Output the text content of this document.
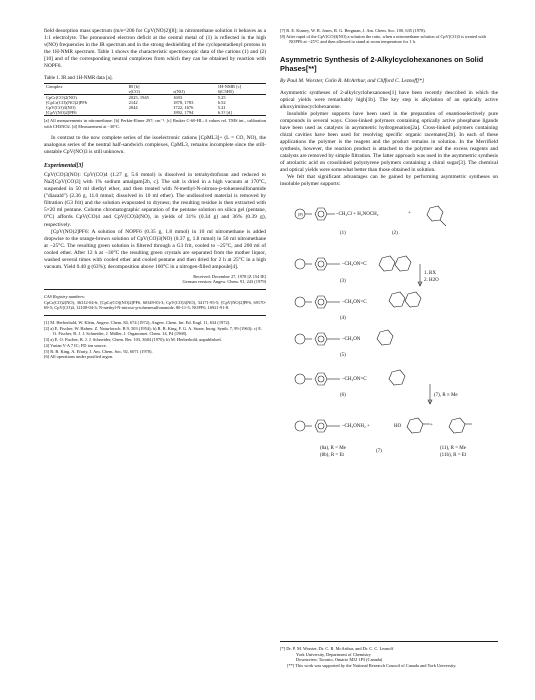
field desorption mass spectrum (m/e=206 for CpV(NO)2)[8]; in nitromethane solution it behaves as a 1:1 electrolyte. The pronounced electron deficit at the central metal of (1) is reflected in the high ν(NO) frequencies in the IR spectrum and in the strong deshielding of the cyclopentadienyl protons in the 1H-NMR spectrum. Table 1 shows the characteristic spectroscopic data of the cations (1) and (2)[10] and of the corresponding neutral complexes from which they can be obtained by reaction with NOPF6.

Table 1. IR and 1H-NMR data [a].
Complex	IR [b]		1H-NMR [c]
	ν(CO)	ν(NO)	δ(C5H5)
CpCr(CO)2(NO)	2025, 1945	1693	5.25
[CpCr(CO)(NO)2]PF6	2142	1878, 1783	6.52
CpV(CO)3(NO)	2044	1722, 1676	5.21
[CpV(NO)2]PF6		1892, 1794	6.3? [d]

[a] All measurements in nitromethane. [b] Perkin-Elmer 297; cm⁻¹. [c] Bruker C-60-HL; δ values rel. TMS int., calibration with CH3NO2. [d] Measurement at −30°C.

In contrast to the now complete series of the isoelectronic cations [CpML3]+ (L = CO, NO), the analogous series of the neutral half-sandwich complexes, CpML3, remains incomplete since the still-unstable CpV(NO)3 is still unknown.

Experimental[3]

CpV(CO)3(NO): CpV(CO)4 (1.27 g, 5.6 mmol) is dissolved in tetrahydrofuran and reduced to Na2[CpV(CO)3] with 1% sodium amalgam[2b, c]. The salt is dried in a high vacuum at 170°C, suspended in 50 ml diethyl ether, and then treated with N-methyl-N-nitroso-p-toluenesulfonamide ("diazald") (2.36 g, 11.0 mmol; dissolved in 10 ml ether). The undissolved material is removed by filtration (G3 frit) and the solution evaporated to dryness; the resulting residue is then extracted with 5×20 ml pentane. Column chromatographic separation of the pentane solution on silica gel (pentane, 0°C) affords CpV(CO)4 and CpV(CO)3(NO), in yields of 31% (0.34 g) and 36% (0.39 g), respectively.

[CpV(NO)2]PF6: A solution of NOPF6 (0.35 g, 1.8 mmol) in 10 ml nitromethane is added dropwise to the orange-brown solution of CpV(CO)3(NO) (0.37 g, 1.8 mmol) in 50 ml nitromethane at −25°C. The resulting green solution is filtered through a G3 frit, cooled to −25°C, and 200 ml of cooled ether. After 12 h at −30°C the resulting green crystals are separated from the mother liquor, washed several times with cooled ether and cooled pentane and then dried for 2 h at 25°C in a high vacuum. Yield 0.40 g (63%); decomposition above 160°C in a nitrogen-filled ampoule[4].

Received: December 27, 1978 [Z 154 IE]
German version: Angew. Chem. 91, 243 (1979)
CAS Registry numbers:

CpCr(CO)2(NO), 36312-04-6; [CpCr(CO)(NO)2]PF6, 60349-83-3; CpV(CO)3(NO), 34171-95-5; [CpV(NO)2]PF6, 69170-69-5; CpV(CO)4, 12108-04-3; N-methyl-N-nitroso-p-toluenesulfonamide, 80-11-5; NOPF6, 16921-91-8.

[1] M. Herberhold, W. Klein, Angew. Chem. 84, 674 (1972); Angew. Chem. Int. Ed. Engl. 11, 634 (1972).
[2] a) E. Fischer, W. Hafner, Z. Naturforsch. B 9, 503 (1954); b) R. B. King, F. G. A. Stone, Inorg. Synth. 7, 99 (1963); c) E. O. Fischer, R. J. J. Schneider, J. Müller, J. Organomet. Chem. 14, P4 (1968).
[3] a) E. O. Fischer, R. J. J. Schneider, Chem. Ber. 103, 3684 (1970); b) M. Herberhold, unpublished.
[4] Varian V-A 7 IC; FD ion source.
[5] R. B. King, A. Efraty, J. Am. Chem. Soc. 92, 6071 (1970).
[6] All operations under purified argon.
[7] R. E. Kinney, W. R. Jones, R. G. Bergman, J. Am. Chem. Soc. 100, 635 (1978).
[8] After rapid of the CpV(CO)3(NO) a solution the ratio, when a nitromethane solution of CpV(CO)3 is treated with NOPF6 at −25°C and then allowed to stand at room temperature for 1 h.
Asymmetric Synthesis of 2-Alkylcyclohexanones on Solid Phases[**]
By Paul M. Worster, Colin R. McArthur, and Clifford C. Leznoff[*]

Asymmetric syntheses of 2-alkylcyclohexanones[1] have been recently described in which the optical yields were remarkably high[1b]. The key step is alkylation of an optically active alkoxyiminocyclohexanone.

Insoluble polymer supports have been used in the preparation of enantioselectively pure compounds in several ways. Cross-linked polymers containing optically active phosphane ligands have been used as catalysts in asymmetric hydrogenation[2a]. Cross-linked polymers containing chiral cavities have been used for resolving specific organic racemates[2b]. In each of these applications the polymer is the reagent and the product remains in solution. In the Merrifield synthesis, however, the reaction product is attached to the polymer and the excess reagents and catalysts are removed by simple filtration. The latter approach was used in the asymmetric synthesis of atrolactic acid on crosslinked polystyrene polymers containing a chiral sugar[3]. The chemical and optical yields were somewhat better than those obtained in solution.

We felt that significant advantages can be gained by performing asymmetric syntheses on insoluble polymer supports:

(P)	–CH₂Cl + H₂NOCH₂	+
(1)	(2)
–CH₂ON=C
(3)
1. RX
2. H2O
–CH₂ON=C
(4)
–CH₂ON
(5)
–CH₂ON=C
(6)	(7), R ≡ Me
–CH₂ONH₂ +	+
HO
(8a), R = Me
(8b), R = Et
(11), R = Me
(11b), R = Et
(7)

[*] Dr. P. M. Worster, Dr. C. R. McArthur, and Dr. C. C. Leznoff

York University, Department of Chemistry

Downsview, Toronto, Ontario M3J 1P3 (Canada)

[**] This work was supported by the National Research Council of Canada and York University.
